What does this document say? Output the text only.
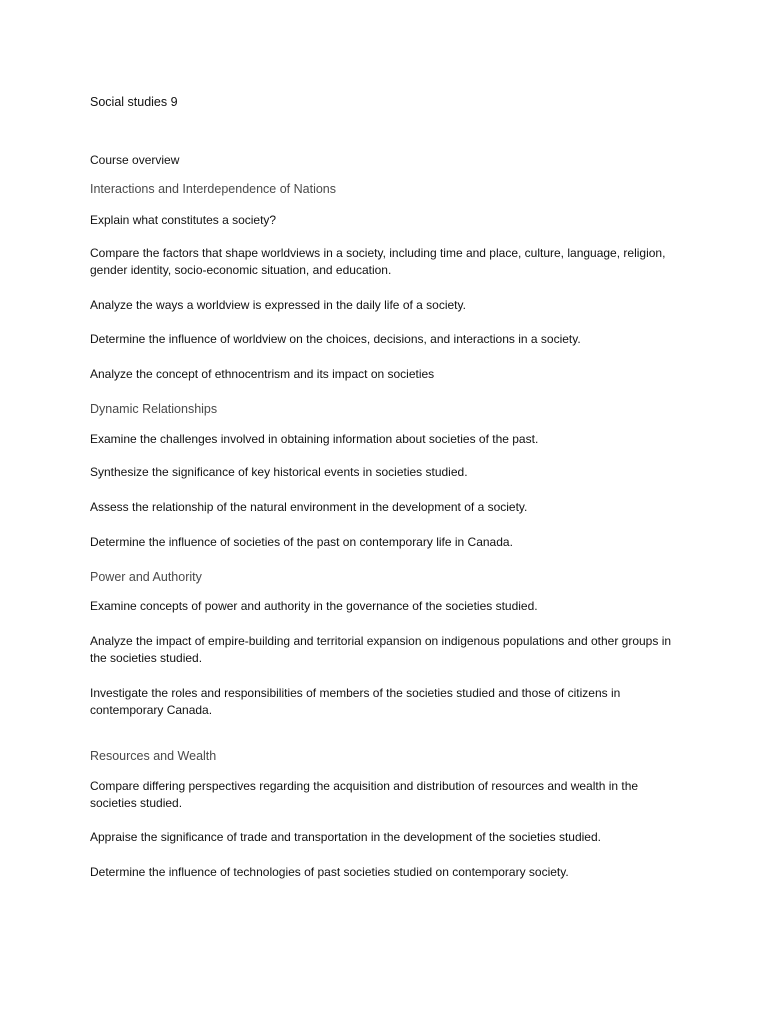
Social studies 9

Course overview

Interactions and Interdependence of Nations

Explain what constitutes a society?

Compare the factors that shape worldviews in a society, including time and place, culture, language, religion, gender identity, socio-economic situation, and education.

Analyze the ways a worldview is expressed in the daily life of a society.

Determine the influence of worldview on the choices, decisions, and interactions in a society.

Analyze the concept of ethnocentrism and its impact on societies

Dynamic Relationships

Examine the challenges involved in obtaining information about societies of the past.

Synthesize the significance of key historical events in societies studied.

Assess the relationship of the natural environment in the development of a society.

Determine the influence of societies of the past on contemporary life in Canada.

Power and Authority

Examine concepts of power and authority in the governance of the societies studied.

Analyze the impact of empire-building and territorial expansion on indigenous populations and other groups in the societies studied.

Investigate the roles and responsibilities of members of the societies studied and those of citizens in contemporary Canada.

Resources and Wealth

Compare differing perspectives regarding the acquisition and distribution of resources and wealth in the societies studied.

Appraise the significance of trade and transportation in the development of the societies studied.

Determine the influence of technologies of past societies studied on contemporary society.
